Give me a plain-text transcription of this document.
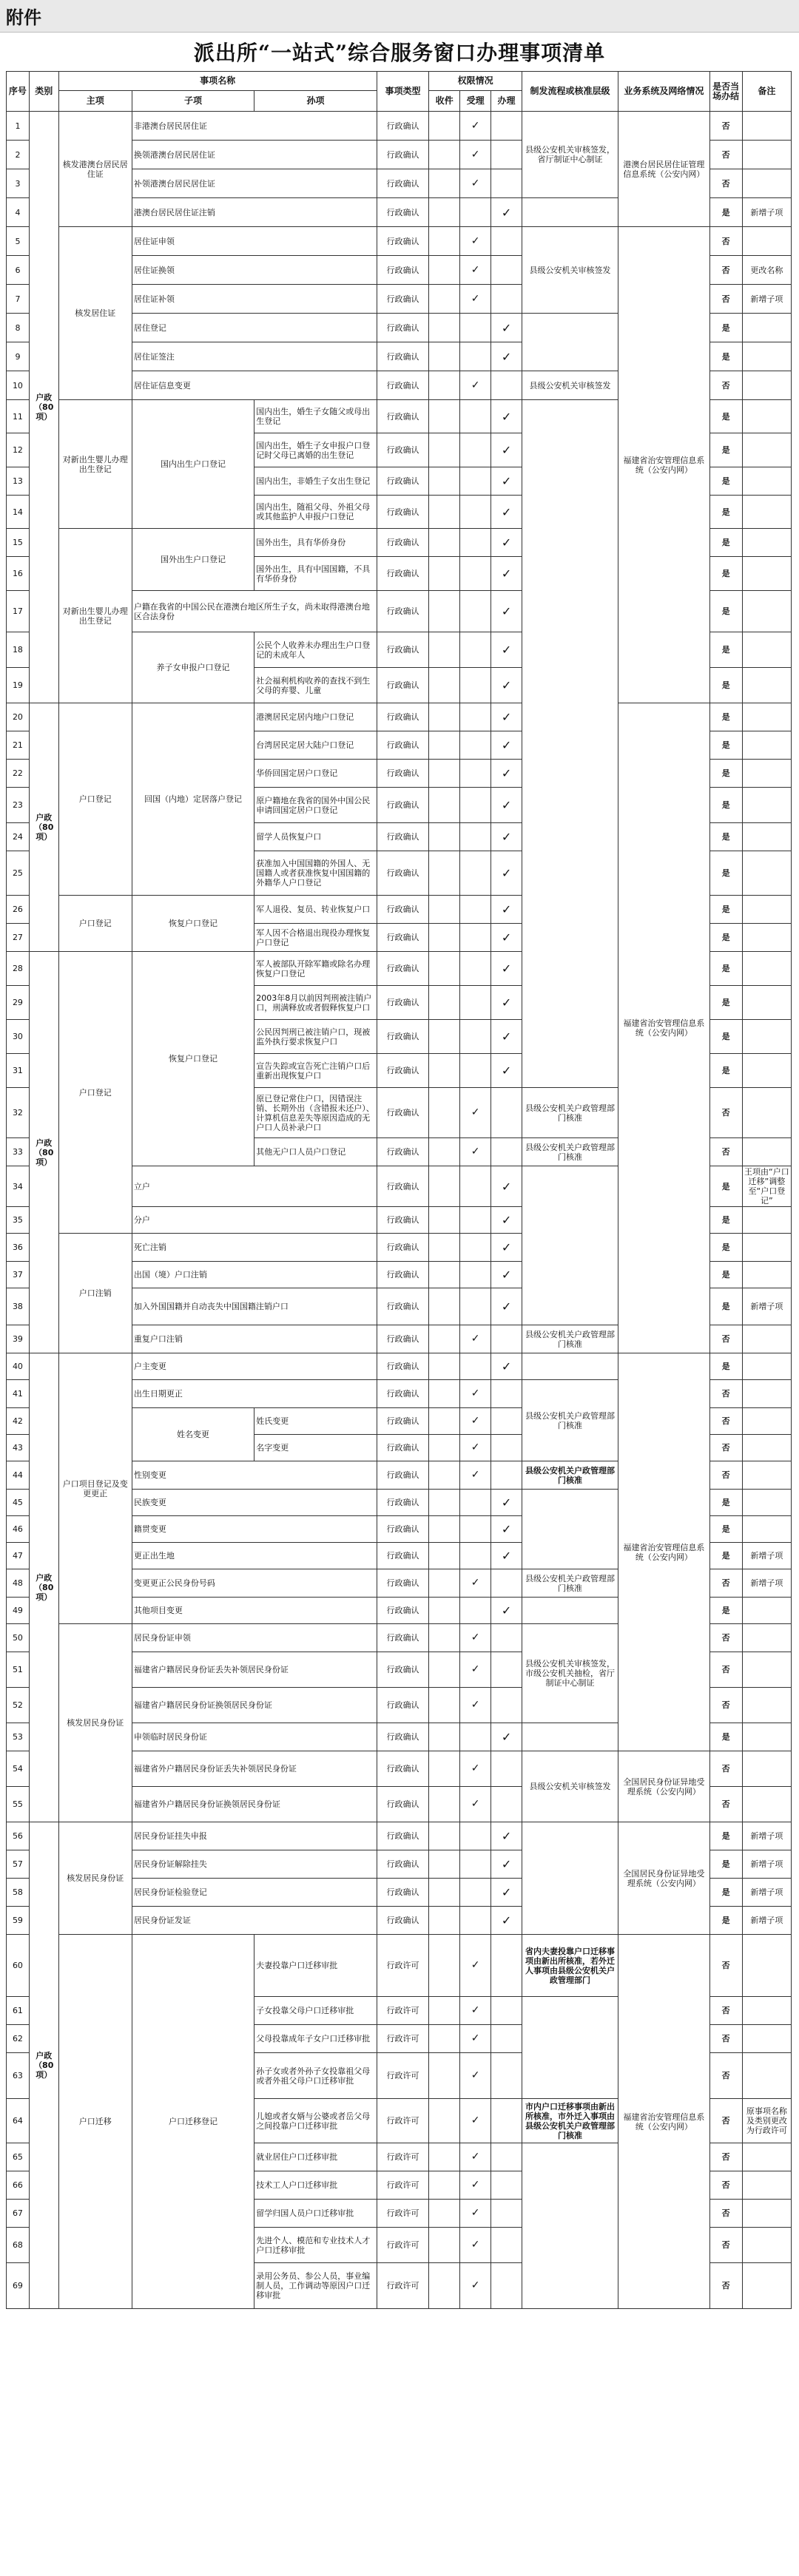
附件
派出所“一站式”综合服务窗口办理事项清单
序号	类别	事项名称			事项类型	权限情况			制发流程或核准层级	业务系统及网络情况	是否当场办结	备注
		主项	子项	孙项		收件	受理	办理				
1	户政（80项）	核发港澳台居民居住证	非港澳台居民居住证		行政确认		✓		县级公安机关审核签发，省厅制证中心制证	港澳台居民居住证管理信息系统（公安内网）	否	
2			换领港澳台居民居住证		行政确认		✓				否	
3			补领港澳台居民居住证		行政确认		✓				否	
4			港澳台居民居住证注销		行政确认			✓			是	新增子项
5		核发居住证	居住证申领		行政确认		✓		县级公安机关审核签发	福建省治安管理信息系统（公安内网）	否	
6			居住证换领		行政确认		✓				否	更改名称
7			居住证补领		行政确认		✓				否	新增子项
8			居住登记		行政确认			✓			是	
9			居住证签注		行政确认			✓			是	
10			居住证信息变更		行政确认		✓		县级公安机关审核签发		否	
11		对新出生婴儿办理出生登记	国内出生户口登记	国内出生，婚生子女随父或母出生登记	行政确认			✓			是	
12				国内出生，婚生子女申报户口登记时父母已离婚的出生登记	行政确认			✓			是	
13				国内出生，非婚生子女出生登记	行政确认			✓			是	
14				国内出生，随祖父母、外祖父母或其他监护人申报户口登记	行政确认			✓			是	
15		对新出生婴儿办理出生登记	国外出生户口登记	国外出生，具有华侨身份	行政确认			✓			是	
16				国外出生，具有中国国籍，不具有华侨身份	行政确认			✓			是	
17			户籍在我省的中国公民在港澳台地区所生子女，尚未取得港澳台地区合法身份		行政确认			✓			是	
18			养子女申报户口登记	公民个人收养未办理出生户口登记的未成年人	行政确认			✓			是	
19				社会福利机构收养的查找不到生父母的弃婴、儿童	行政确认			✓			是	
20	户政（80项）	户口登记	回国（内地）定居落户登记	港澳居民定居内地户口登记	行政确认			✓		福建省治安管理信息系统（公安内网）	是	
21				台湾居民定居大陆户口登记	行政确认			✓			是	
22				华侨回国定居户口登记	行政确认			✓			是	
23				原户籍地在我省的国外中国公民申请回国定居户口登记	行政确认			✓			是	
24				留学人员恢复户口	行政确认			✓			是	
25				获准加入中国国籍的外国人、无国籍人或者获准恢复中国国籍的外籍华人户口登记	行政确认			✓			是	
26		户口登记	恢复户口登记	军人退役、复员、转业恢复户口	行政确认			✓			是	
27				军人因不合格退出现役办理恢复户口登记	行政确认			✓			是	
28	户政（80项）	户口登记	恢复户口登记	军人被部队开除军籍或除名办理恢复户口登记	行政确认			✓			是	
29				2003年8月以前因判刑被注销户口，刑满释放或者假释恢复户口	行政确认			✓			是	
30				公民因判刑已被注销户口，现被监外执行要求恢复户口	行政确认			✓			是	
31				宣告失踪或宣告死亡注销户口后重新出现恢复户口	行政确认			✓			是	
32				原已登记常住户口，因错误注销、长期外出（含错报未还户）、计算机信息差失等原因造成的无户口人员补录户口	行政确认		✓		县级公安机关户政管理部门核准		否	
33				其他无户口人员户口登记	行政确认		✓		县级公安机关户政管理部门核准		否	
34			立户		行政确认			✓			是	王项由“户口迁移”调整至“户口登记”
35			分户		行政确认			✓			是	
36		户口注销	死亡注销		行政确认			✓			是	
37			出国（境）户口注销		行政确认			✓			是	
38			加入外国国籍并自动丧失中国国籍注销户口		行政确认			✓			是	新增子项
39			重复户口注销		行政确认		✓		县级公安机关户政管理部门核准		否	
40	户政（80项）	户口项目登记及变更更正	户主变更		行政确认			✓		福建省治安管理信息系统（公安内网）	是	
41			出生日期更正		行政确认		✓		县级公安机关户政管理部门核准		否	
42			姓名变更	姓氏变更	行政确认		✓				否	
43				名字变更	行政确认		✓				否	
44			性别变更		行政确认		✓		县级公安机关户政管理部门核准		否	
45			民族变更		行政确认			✓			是	
46			籍贯变更		行政确认			✓			是	
47			更正出生地		行政确认			✓			是	新增子项
48			变更更正公民身份号码		行政确认		✓		县级公安机关户政管理部门核准		否	新增子项
49			其他项目变更		行政确认			✓			是	
50		核发居民身份证	居民身份证申领		行政确认		✓		县级公安机关审核签发，市级公安机关抽检，省厅制证中心制证		否	
51			福建省户籍居民身份证丢失补领居民身份证		行政确认		✓				否	
52			福建省户籍居民身份证换领居民身份证		行政确认		✓				否	
53			申领临时居民身份证		行政确认			✓			是	
54			福建省外户籍居民身份证丢失补领居民身份证		行政确认		✓		县级公安机关审核签发	全国居民身份证异地受理系统（公安内网）	否	
55			福建省外户籍居民身份证换领居民身份证		行政确认		✓				否	
56	户政（80项）	核发居民身份证	居民身份证挂失申报		行政确认			✓		全国居民身份证异地受理系统（公安内网）	是	新增子项
57			居民身份证解除挂失		行政确认			✓			是	新增子项
58			居民身份证检验登记		行政确认			✓			是	新增子项
59			居民身份证发证		行政确认			✓			是	新增子项
60		户口迁移	户口迁移登记	夫妻投靠户口迁移审批	行政许可		✓		省内夫妻投靠户口迁移事项由新出所核准，若外迁人事项由县级公安机关户政管理部门	福建省治安管理信息系统（公安内网）	否	
61				子女投靠父母户口迁移审批	行政许可		✓				否	
62				父母投靠成年子女户口迁移审批	行政许可		✓				否	
63				孙子女或者外孙子女投靠祖父母或者外祖父母户口迁移审批	行政许可		✓				否	
64				儿媳或者女婿与公婆或者岳父母之间投靠户口迁移审批	行政许可		✓		市内户口迁移事项由新出所核准，市外迁入事项由县级公安机关户政管理部门核准		否	原事项名称及类别更改为行政许可
65				就业居住户口迁移审批	行政许可		✓				否	
66				技术工人户口迁移审批	行政许可		✓				否	
67				留学归国人员户口迁移审批	行政许可		✓				否	
68				先进个人、模范和专业技术人才户口迁移审批	行政许可		✓				否	
69				录用公务员、参公人员，事业编制人员，工作调动等原因户口迁移审批	行政许可		✓				否	
